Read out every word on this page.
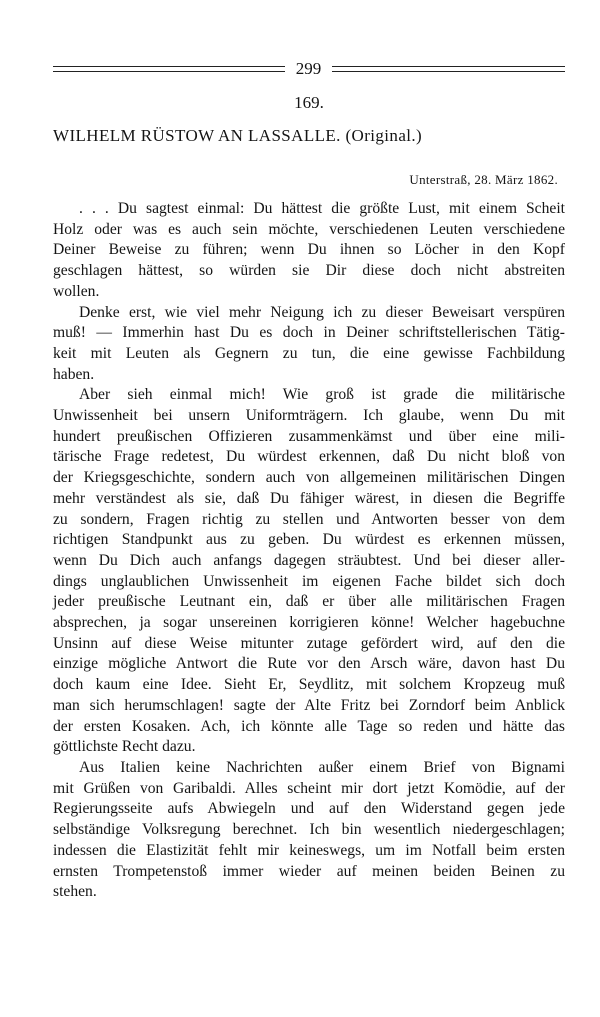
299
169.
WILHELM RÜSTOW AN LASSALLE. (Original.)
Unterstraß, 28. März 1862.

. . . Du sagtest einmal: Du hättest die größte Lust, mit einem Scheit
Holz oder was es auch sein möchte, verschiedenen Leuten verschiedene
Deiner Beweise zu führen; wenn Du ihnen so Löcher in den Kopf
geschlagen hättest, so würden sie Dir diese doch nicht abstreiten
wollen.

Denke erst, wie viel mehr Neigung ich zu dieser Beweisart verspüren
muß! — Immerhin hast Du es doch in Deiner schriftstellerischen Tätig-
keit mit Leuten als Gegnern zu tun, die eine gewisse Fachbildung
haben.

Aber sieh einmal mich! Wie groß ist grade die militärische
Unwissenheit bei unsern Uniformträgern. Ich glaube, wenn Du mit
hundert preußischen Offizieren zusammenkämst und über eine mili-
tärische Frage redetest, Du würdest erkennen, daß Du nicht bloß von
der Kriegsgeschichte, sondern auch von allgemeinen militärischen Dingen
mehr verständest als sie, daß Du fähiger wärest, in diesen die Begriffe
zu sondern, Fragen richtig zu stellen und Antworten besser von dem
richtigen Standpunkt aus zu geben. Du würdest es erkennen müssen,
wenn Du Dich auch anfangs dagegen sträubtest. Und bei dieser aller-
dings unglaublichen Unwissenheit im eigenen Fache bildet sich doch
jeder preußische Leutnant ein, daß er über alle militärischen Fragen
absprechen, ja sogar unsereinen korrigieren könne! Welcher hagebuchne
Unsinn auf diese Weise mitunter zutage gefördert wird, auf den die
einzige mögliche Antwort die Rute vor den Arsch wäre, davon hast Du
doch kaum eine Idee. Sieht Er, Seydlitz, mit solchem Kropzeug muß
man sich herumschlagen! sagte der Alte Fritz bei Zorndorf beim Anblick
der ersten Kosaken. Ach, ich könnte alle Tage so reden und hätte das
göttlichste Recht dazu.

Aus Italien keine Nachrichten außer einem Brief von Bignami
mit Grüßen von Garibaldi. Alles scheint mir dort jetzt Komödie, auf der
Regierungsseite aufs Abwiegeln und auf den Widerstand gegen jede
selbständige Volksregung berechnet. Ich bin wesentlich niedergeschlagen;
indessen die Elastizität fehlt mir keineswegs, um im Notfall beim ersten
ernsten Trompetenstoß immer wieder auf meinen beiden Beinen zu
stehen.
